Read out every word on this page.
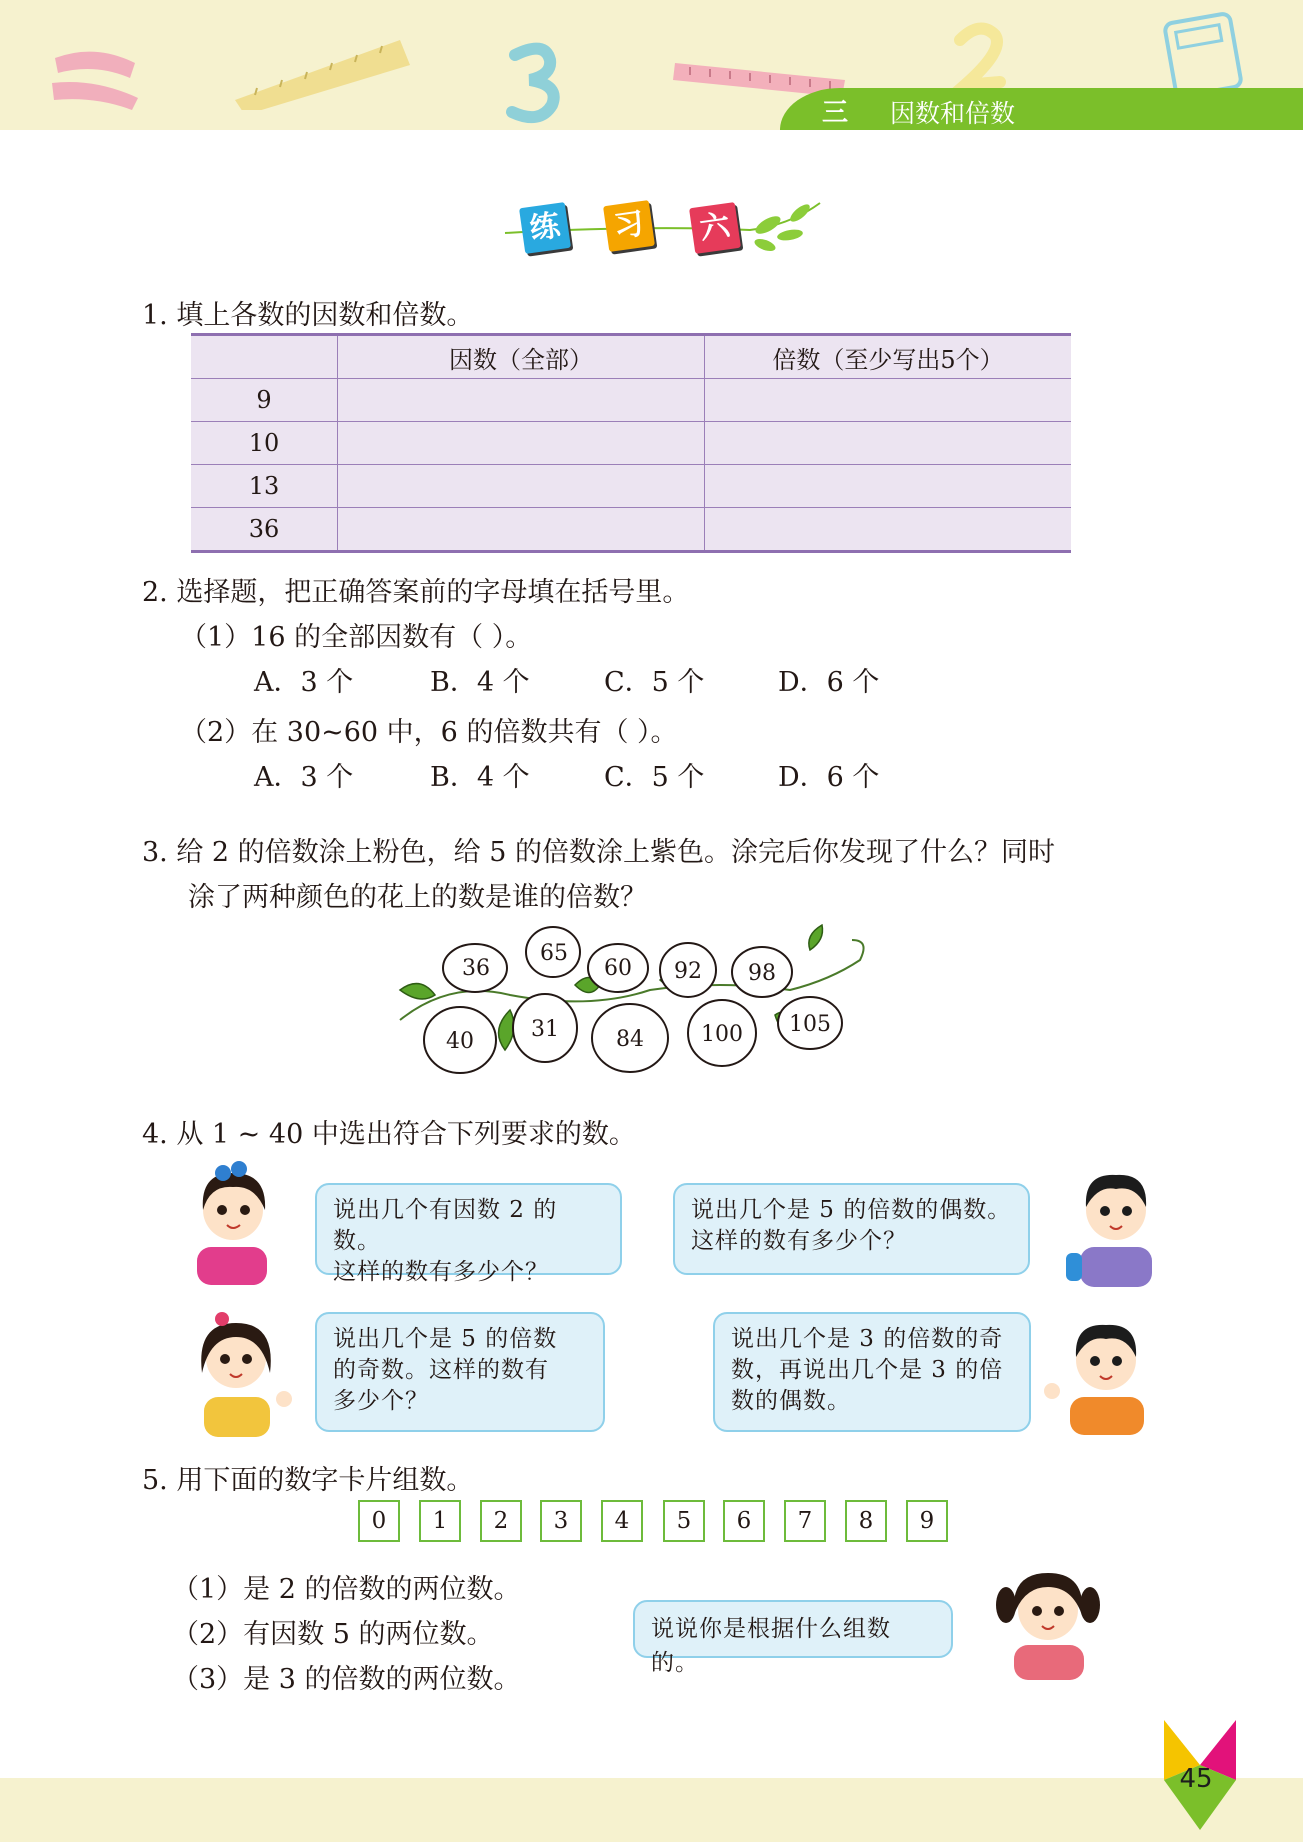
三 因数和倍数
练 习 六
1. 填上各数的因数和倍数。
	因数（全部）	倍数（至少写出5个）
9		
10		
13		
36		
2. 选择题，把正确答案前的字母填在括号里。
（1）16 的全部因数有（ ）。
A．3 个	B．4 个	C．5 个	D．6 个
（2）在 30~60 中，6 的倍数共有（ ）。
A．3 个	B．4 个	C．5 个	D．6 个
3. 给 2 的倍数涂上粉色，给 5 的倍数涂上紫色。涂完后你发现了什么？同时
涂了两种颜色的花上的数是谁的倍数？
36
65
60 92 98
40	31	84	100 105
4. 从 1 ~ 40 中选出符合下列要求的数。
说出几个有因数 2 的数。
这样的数有多少个？
说出几个是 5 的倍数的偶数。
这样的数有多少个？
说出几个是 5 的倍数
的奇数。这样的数有
多少个？
说出几个是 3 的倍数的奇
数，再说出几个是 3 的倍
数的偶数。
5. 用下面的数字卡片组数。
0	1	2	3	4	5	6	7	8	9
（1）是 2 的倍数的两位数。
（2）有因数 5 的两位数。
（3）是 3 的倍数的两位数。
说说你是根据什么组数的。
45
